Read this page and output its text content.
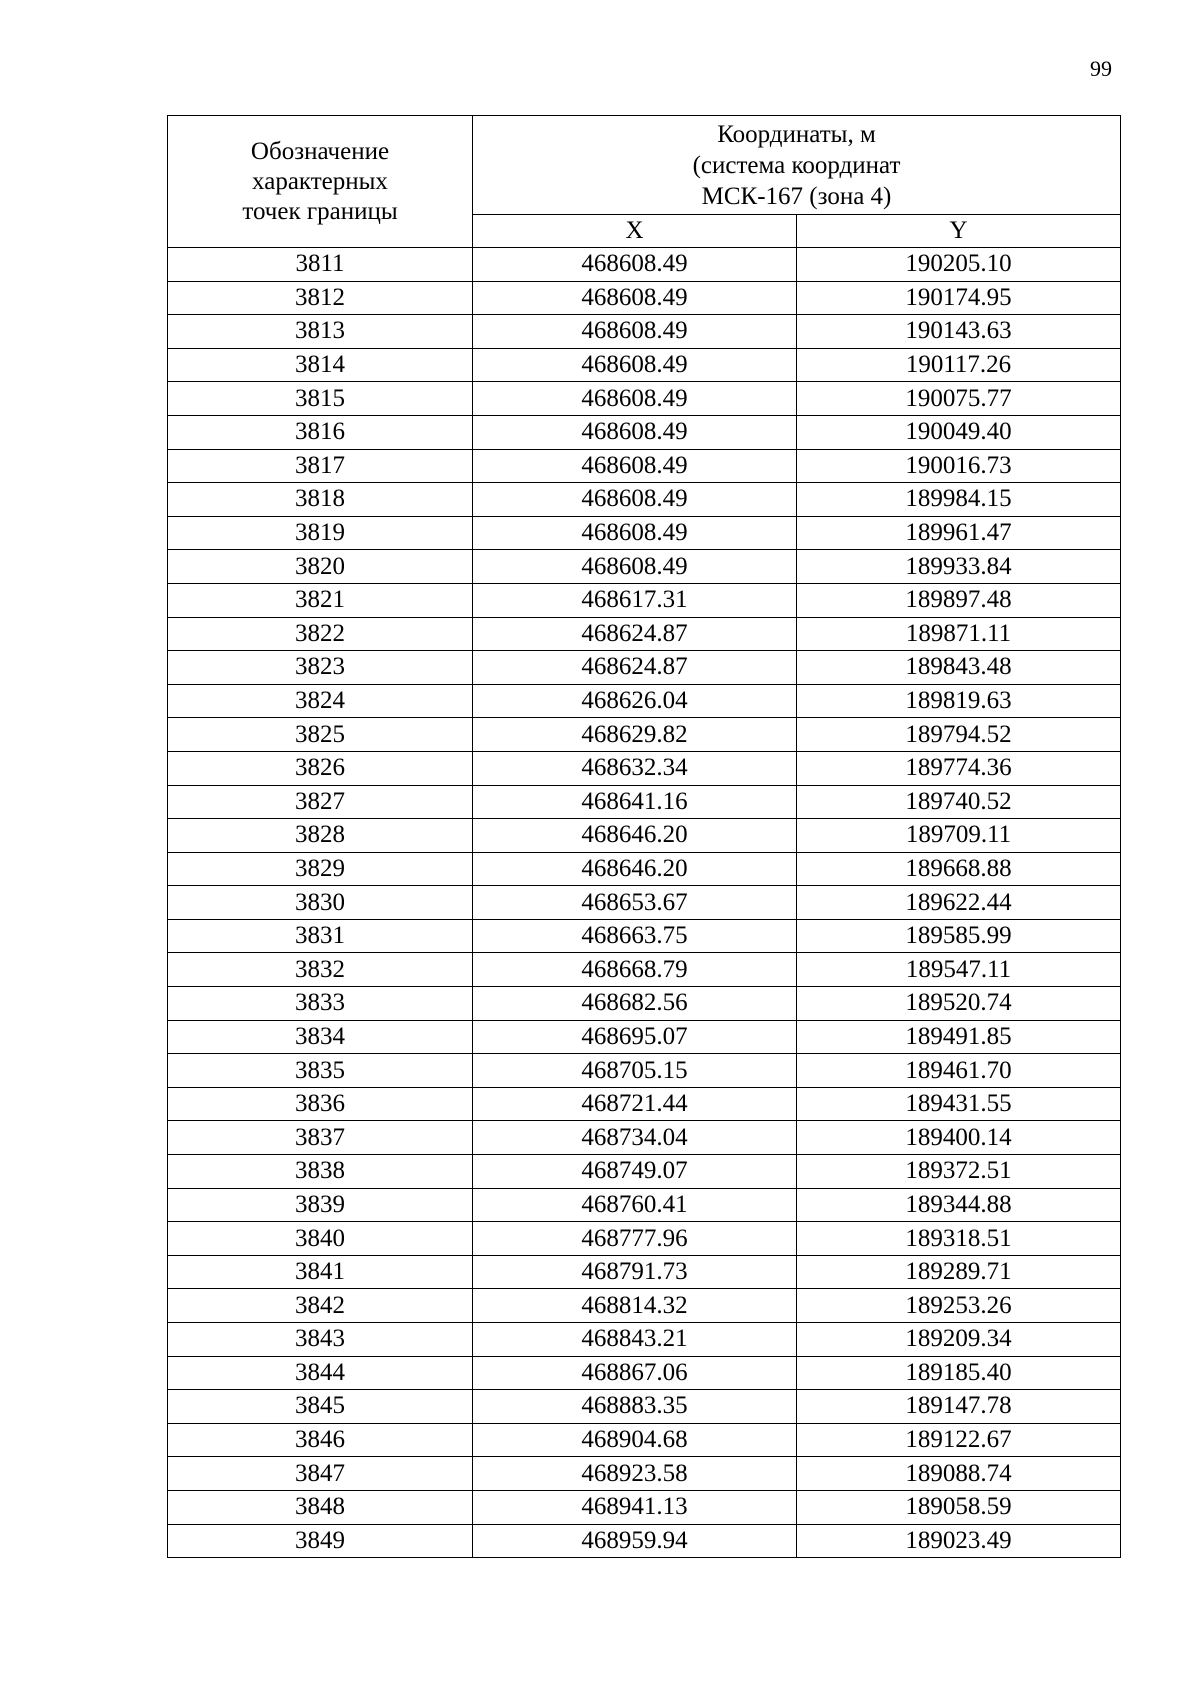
99
Обозначение
характерных
точек границы	Координаты, м
(система координат
МСК-167 (зона 4)	

	X	Y
3811	468608.49	190205.10
3812	468608.49	190174.95
3813	468608.49	190143.63
3814	468608.49	190117.26
3815	468608.49	190075.77
3816	468608.49	190049.40
3817	468608.49	190016.73
3818	468608.49	189984.15
3819	468608.49	189961.47
3820	468608.49	189933.84
3821	468617.31	189897.48
3822	468624.87	189871.11
3823	468624.87	189843.48
3824	468626.04	189819.63
3825	468629.82	189794.52
3826	468632.34	189774.36
3827	468641.16	189740.52
3828	468646.20	189709.11
3829	468646.20	189668.88
3830	468653.67	189622.44
3831	468663.75	189585.99
3832	468668.79	189547.11
3833	468682.56	189520.74
3834	468695.07	189491.85
3835	468705.15	189461.70
3836	468721.44	189431.55
3837	468734.04	189400.14
3838	468749.07	189372.51
3839	468760.41	189344.88
3840	468777.96	189318.51
3841	468791.73	189289.71
3842	468814.32	189253.26
3843	468843.21	189209.34
3844	468867.06	189185.40
3845	468883.35	189147.78
3846	468904.68	189122.67
3847	468923.58	189088.74
3848	468941.13	189058.59
3849	468959.94	189023.49
